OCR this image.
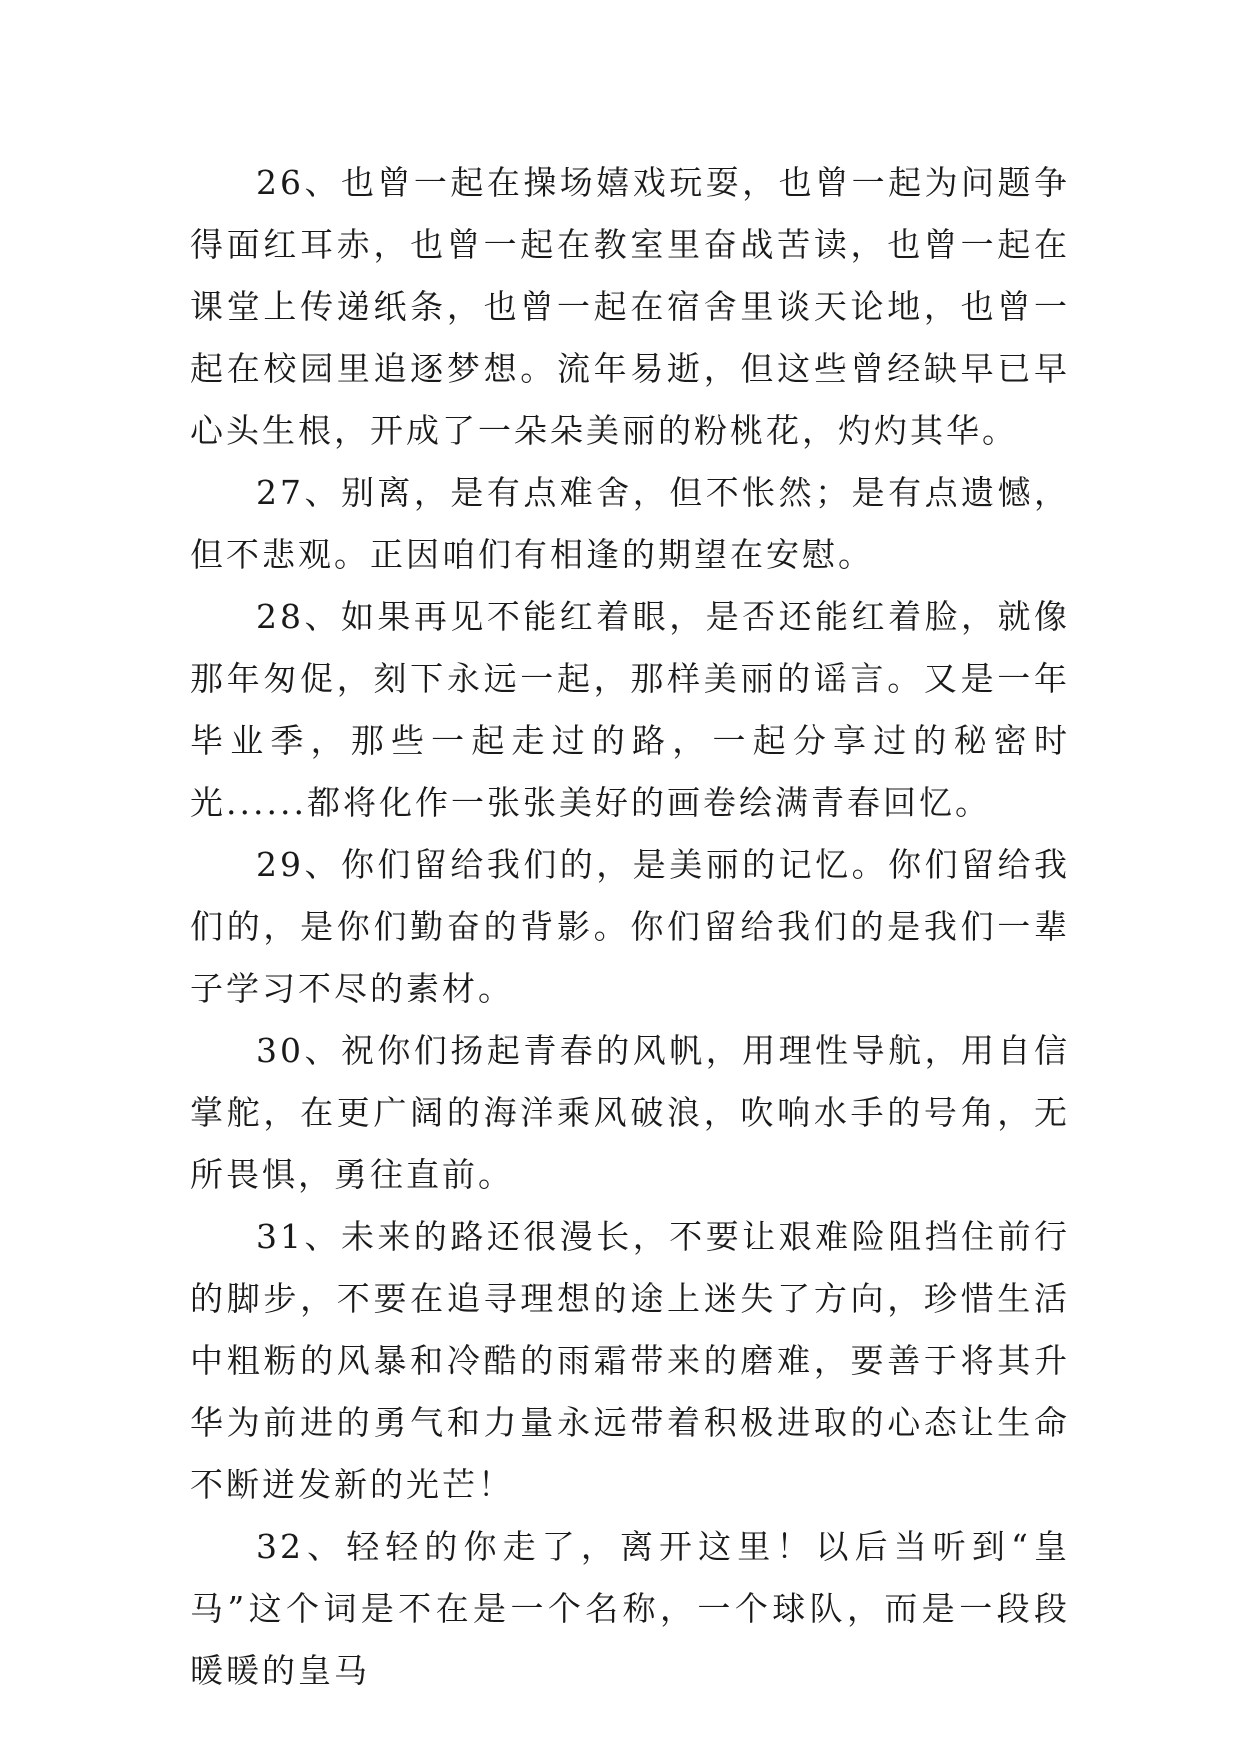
26、也曾一起在操场嬉戏玩耍，也曾一起为问题争得面红耳赤，也曾一起在教室里奋战苦读，也曾一起在课堂上传递纸条，也曾一起在宿舍里谈天论地，也曾一起在校园里追逐梦想。流年易逝，但这些曾经缺早已早心头生根，开成了一朵朵美丽的粉桃花，灼灼其华。

27、别离，是有点难舍，但不怅然；是有点遗憾，但不悲观。正因咱们有相逢的期望在安慰。

28、如果再见不能红着眼，是否还能红着脸，就像那年匆促，刻下永远一起，那样美丽的谣言。又是一年毕业季，那些一起走过的路，一起分享过的秘密时光......都将化作一张张美好的画卷绘满青春回忆。

29、你们留给我们的，是美丽的记忆。你们留给我们的，是你们勤奋的背影。你们留给我们的是我们一辈子学习不尽的素材。

30、祝你们扬起青春的风帆，用理性导航，用自信掌舵，在更广阔的海洋乘风破浪，吹响水手的号角，无所畏惧，勇往直前。

31、未来的路还很漫长，不要让艰难险阻挡住前行的脚步，不要在追寻理想的途上迷失了方向，珍惜生活中粗粝的风暴和冷酷的雨霜带来的磨难，要善于将其升华为前进的勇气和力量永远带着积极进取的心态让生命不断迸发新的光芒！

32、轻轻的你走了，离开这里！以后当听到“皇马”这个词是不在是一个名称，一个球队，而是一段段暖暖的皇马
